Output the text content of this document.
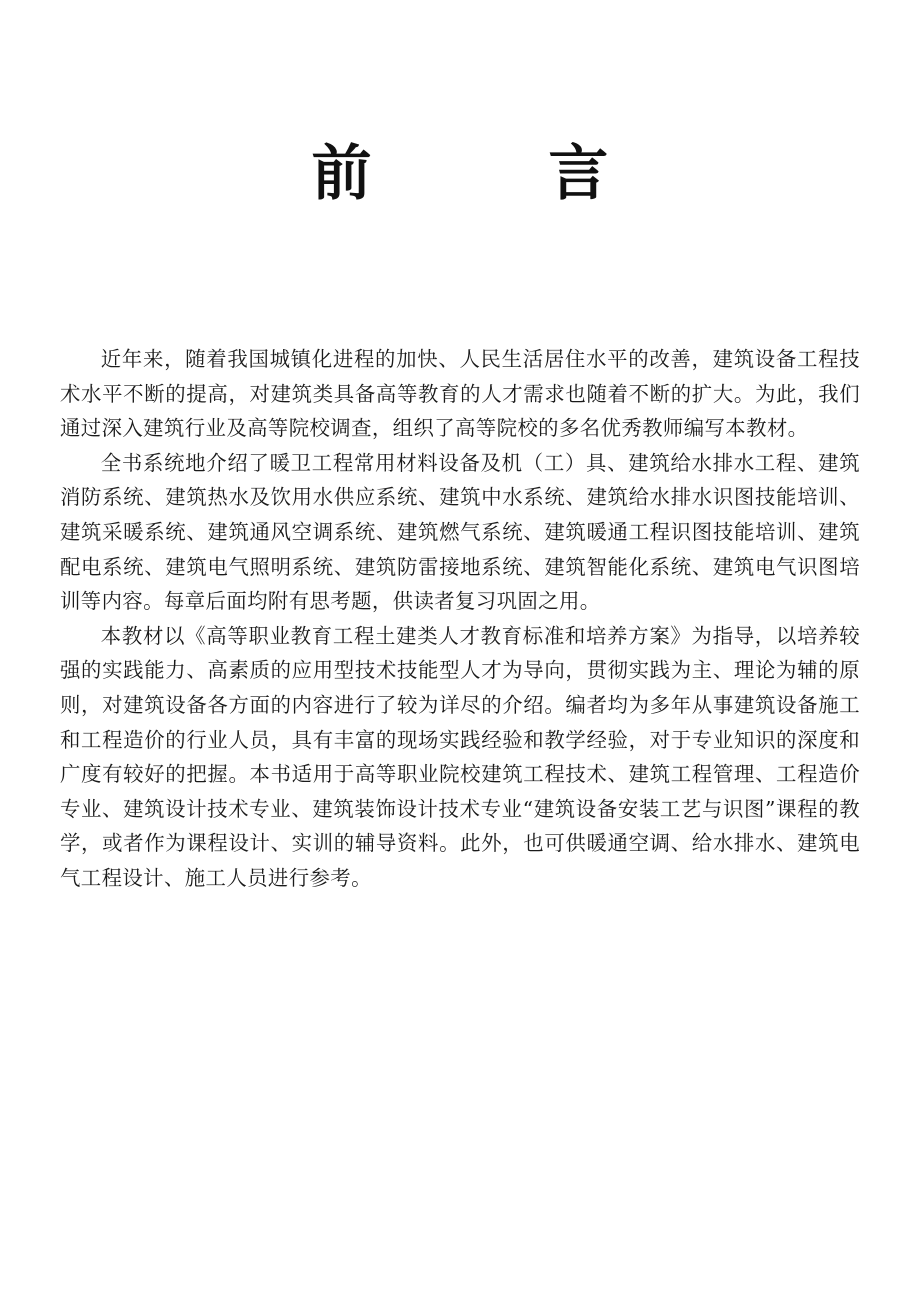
前 言

近年来，随着我国城镇化进程的加快、人民生活居住水平的改善，建筑设备工程技术水平不断的提高，对建筑类具备高等教育的人才需求也随着不断的扩大。为此，我们通过深入建筑行业及高等院校调查，组织了高等院校的多名优秀教师编写本教材。

全书系统地介绍了暖卫工程常用材料设备及机（工）具、建筑给水排水工程、建筑消防系统、建筑热水及饮用水供应系统、建筑中水系统、建筑给水排水识图技能培训、建筑采暖系统、建筑通风空调系统、建筑燃气系统、建筑暖通工程识图技能培训、建筑配电系统、建筑电气照明系统、建筑防雷接地系统、建筑智能化系统、建筑电气识图培训等内容。每章后面均附有思考题，供读者复习巩固之用。

本教材以《高等职业教育工程土建类人才教育标准和培养方案》为指导，以培养较强的实践能力、高素质的应用型技术技能型人才为导向，贯彻实践为主、理论为辅的原则，对建筑设备各方面的内容进行了较为详尽的介绍。编者均为多年从事建筑设备施工和工程造价的行业人员，具有丰富的现场实践经验和教学经验，对于专业知识的深度和广度有较好的把握。本书适用于高等职业院校建筑工程技术、建筑工程管理、工程造价专业、建筑设计技术专业、建筑装饰设计技术专业“建筑设备安装工艺与识图”课程的教学，或者作为课程设计、实训的辅导资料。此外，也可供暖通空调、给水排水、建筑电气工程设计、施工人员进行参考。
